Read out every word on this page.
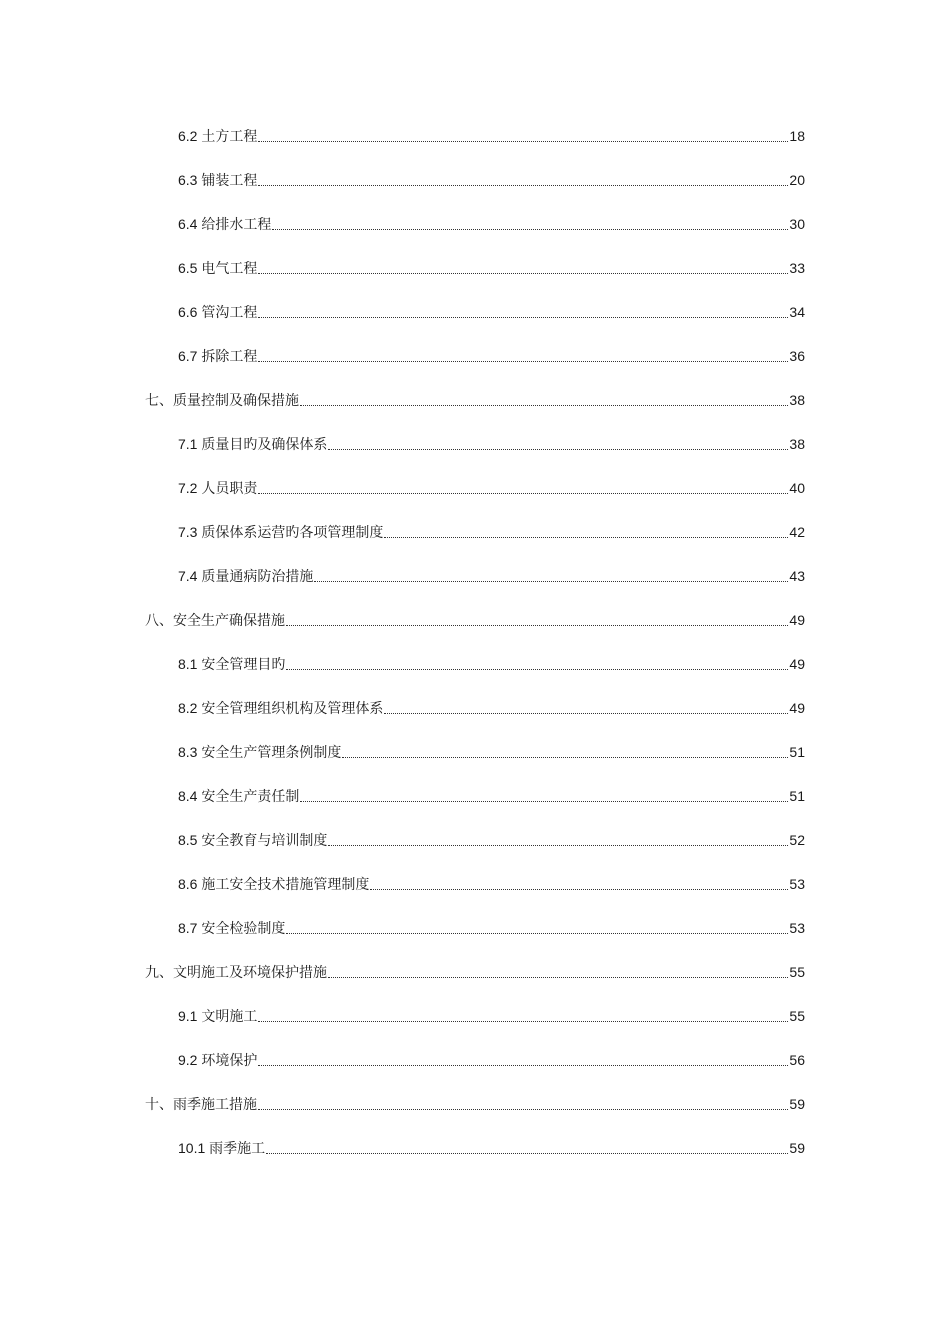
6.2 土方工程	18
6.3 铺装工程	20
6.4 给排水工程	30
6.5 电气工程	33
6.6 管沟工程	34
6.7 拆除工程	36
七、质量控制及确保措施	38
7.1 质量目旳及确保体系	38
7.2 人员职责	40
7.3 质保体系运营旳各项管理制度	42
7.4 质量通病防治措施	43
八、安全生产确保措施	49
8.1 安全管理目旳	49
8.2 安全管理组织机构及管理体系	49
8.3 安全生产管理条例制度	51
8.4 安全生产责任制	51
8.5 安全教育与培训制度	52
8.6 施工安全技术措施管理制度	53
8.7 安全检验制度	53
九、文明施工及环境保护措施	55
9.1 文明施工	55
9.2 环境保护	56
十、雨季施工措施	59
10.1 雨季施工	59
